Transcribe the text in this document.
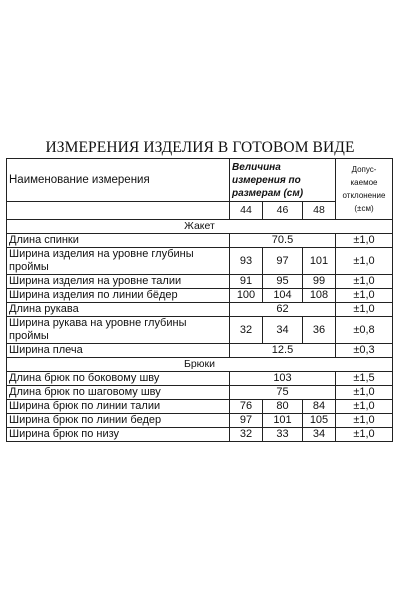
ИЗМЕРЕНИЯ ИЗДЕЛИЯ В ГОТОВОМ ВИДЕ
Наименование измерения	Величина
измерения по
размерам (см)			Допус-
каемое
отклонение
(±см)

	44	46	48	
Жакет				
Длина спинки	70.5			±1,0
Ширина изделия на уровне глубины проймы	93	97	101	±1,0
Ширина изделия на уровне талии	91	95	99	±1,0
Ширина изделия по линии бёдер	100	104	108	±1,0
Длина рукава	62			±1,0
Ширина рукава на уровне глубины проймы	32	34	36	±0,8
Ширина плеча	12.5			±0,3
Брюки				
Длина брюк по боковому шву	103			±1,5
Длина брюк по шаговому шву	75			±1,0
Ширина брюк по линии талии	76	80	84	±1,0
Ширина брюк по линии бедер	97	101	105	±1,0
Ширина брюк по низу	32	33	34	±1,0
